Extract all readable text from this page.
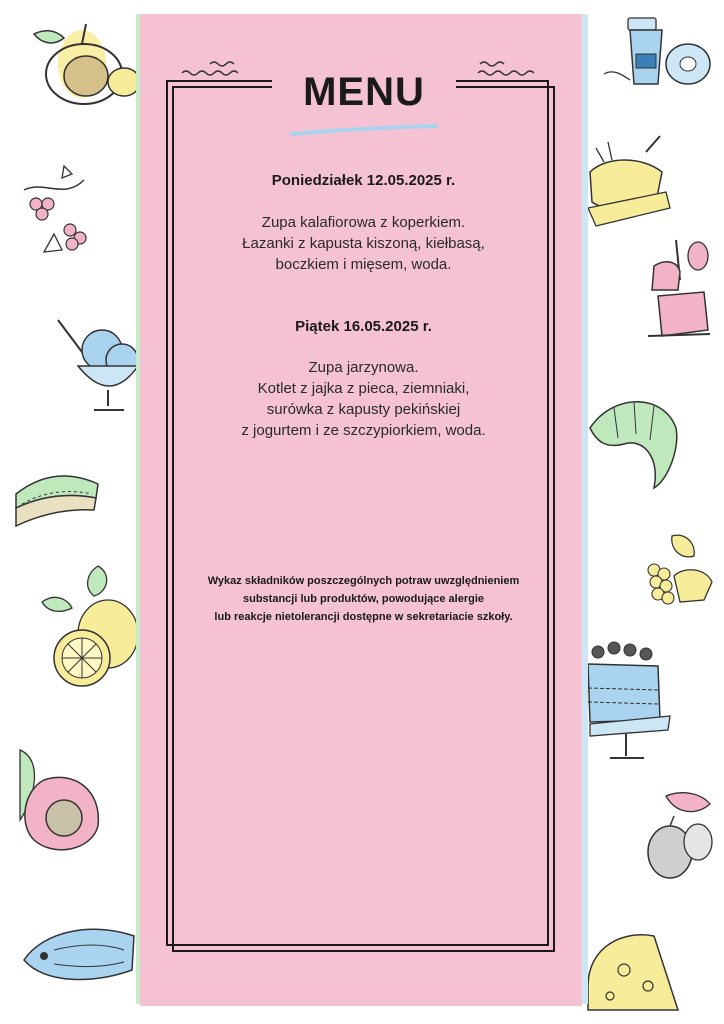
MENU
Poniedziałek 12.05.2025 r.
Zupa kalafiorowa z koperkiem.
Łazanki z kapusta kiszoną, kiełbasą,
boczkiem i mięsem, woda.
Piątek 16.05.2025 r.
Zupa jarzynowa.
Kotlet z jajka z pieca, ziemniaki,
surówka z kapusty pekińskiej
z jogurtem i ze szczypiorkiem, woda.
Wykaz składników poszczególnych potraw uwzględnieniem
substancji lub produktów, powodujące alergie
lub reakcje nietolerancji dostępne w sekretariacie szkoły.
